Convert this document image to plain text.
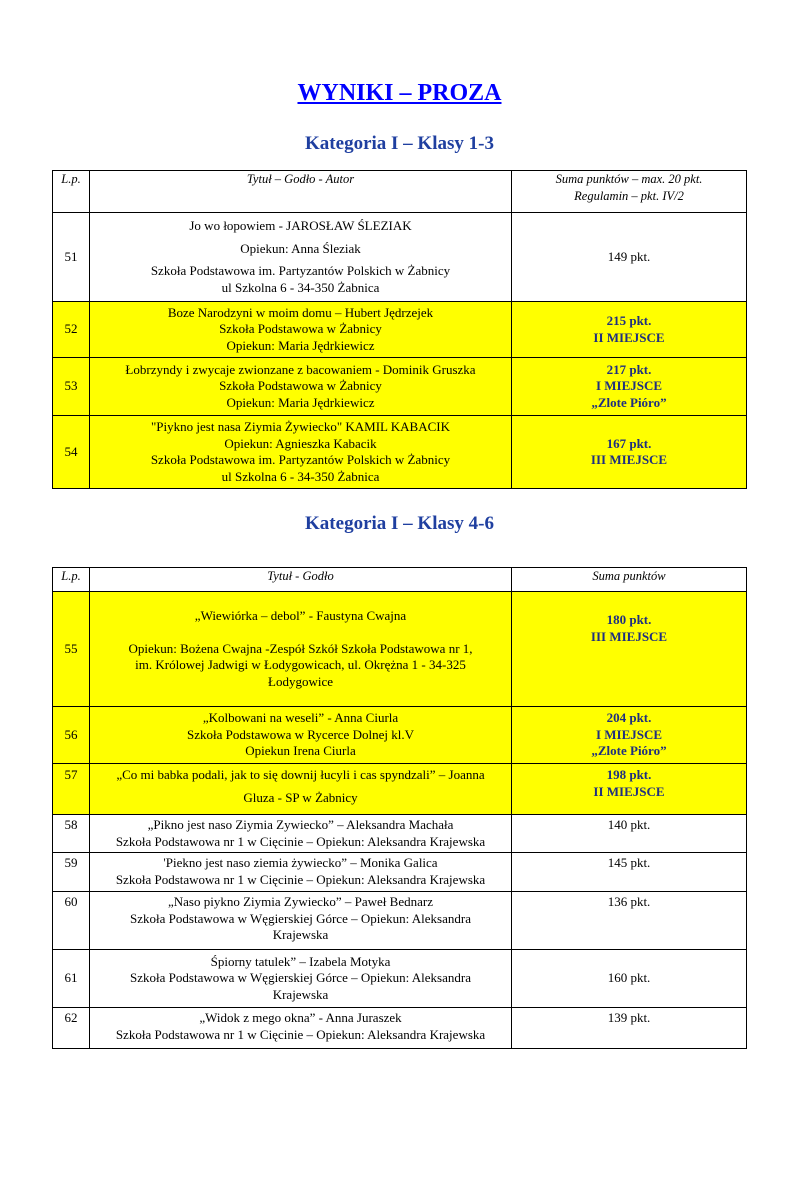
WYNIKI – PROZA
Kategoria I – Klasy 1-3
L.p.	Tytuł – Godło - Autor	Suma punktów – max. 20 pkt.
Regulamin – pkt. IV/2

51	Jo wo łopowiem - JAROSŁAW ŚLEZIAK
Opiekun: Anna Śleziak
Szkoła Podstawowa im. Partyzantów Polskich w Żabnicy
ul Szkolna 6 - 34-350 Żabnica	149 pkt.

52	Boze Narodzyni w moim domu – Hubert Jędrzejek
Szkoła Podstawowa w Żabnicy
Opiekun: Maria Jędrkiewicz	215 pkt.
II MIEJSCE

53	Łobrzyndy i zwycaje zwionzane z bacowaniem - Dominik Gruszka
Szkoła Podstawowa w Żabnicy
Opiekun: Maria Jędrkiewicz	217 pkt.
I MIEJSCE
„Zlote Pióro”

54	"Piykno jest nasa Ziymia Żywiecko" KAMIL KABACIK
Opiekun: Agnieszka Kabacik
Szkoła Podstawowa im. Partyzantów Polskich w Żabnicy
ul Szkolna 6 - 34-350 Żabnica	167 pkt.
III MIEJSCE
Kategoria I – Klasy 4-6
L.p.	Tytuł - Godło	Suma punktów
55	„Wiewiórka – debol” - Faustyna Cwajna
Opiekun: Bożena Cwajna -Zespół Szkół Szkoła Podstawowa nr 1,
im. Królowej Jadwigi w Łodygowicach, ul. Okrężna 1 - 34-325
Łodygowice	180 pkt.
III MIEJSCE

56	„Kolbowani na weseli” - Anna Ciurla
Szkoła Podstawowa w Rycerce Dolnej kl.V
Opiekun Irena Ciurla	204 pkt.
I MIEJSCE
„Zlote Pióro”

57	„Co mi babka podali, jak to się downij łucyli i cas spyndzali” – Joanna
Gluza - SP w Żabnicy	198 pkt.
II MIEJSCE

58	„Pikno jest naso Ziymia Zywiecko” – Aleksandra Machała
Szkoła Podstawowa nr 1 w Cięcinie – Opiekun: Aleksandra Krajewska	140 pkt.

59	'Piekno jest naso ziemia żywiecko” – Monika Galica
Szkoła Podstawowa nr 1 w Cięcinie – Opiekun: Aleksandra Krajewska	145 pkt.

60	„Naso piykno Ziymia Zywiecko” – Paweł Bednarz
Szkoła Podstawowa w Węgierskiej Górce – Opiekun: Aleksandra
Krajewska	136 pkt.

61	Śpiorny tatulek” – Izabela Motyka
Szkoła Podstawowa w Węgierskiej Górce – Opiekun: Aleksandra
Krajewska	160 pkt.

62	„Widok z mego okna” - Anna Juraszek
Szkoła Podstawowa nr 1 w Cięcinie – Opiekun: Aleksandra Krajewska	139 pkt.
